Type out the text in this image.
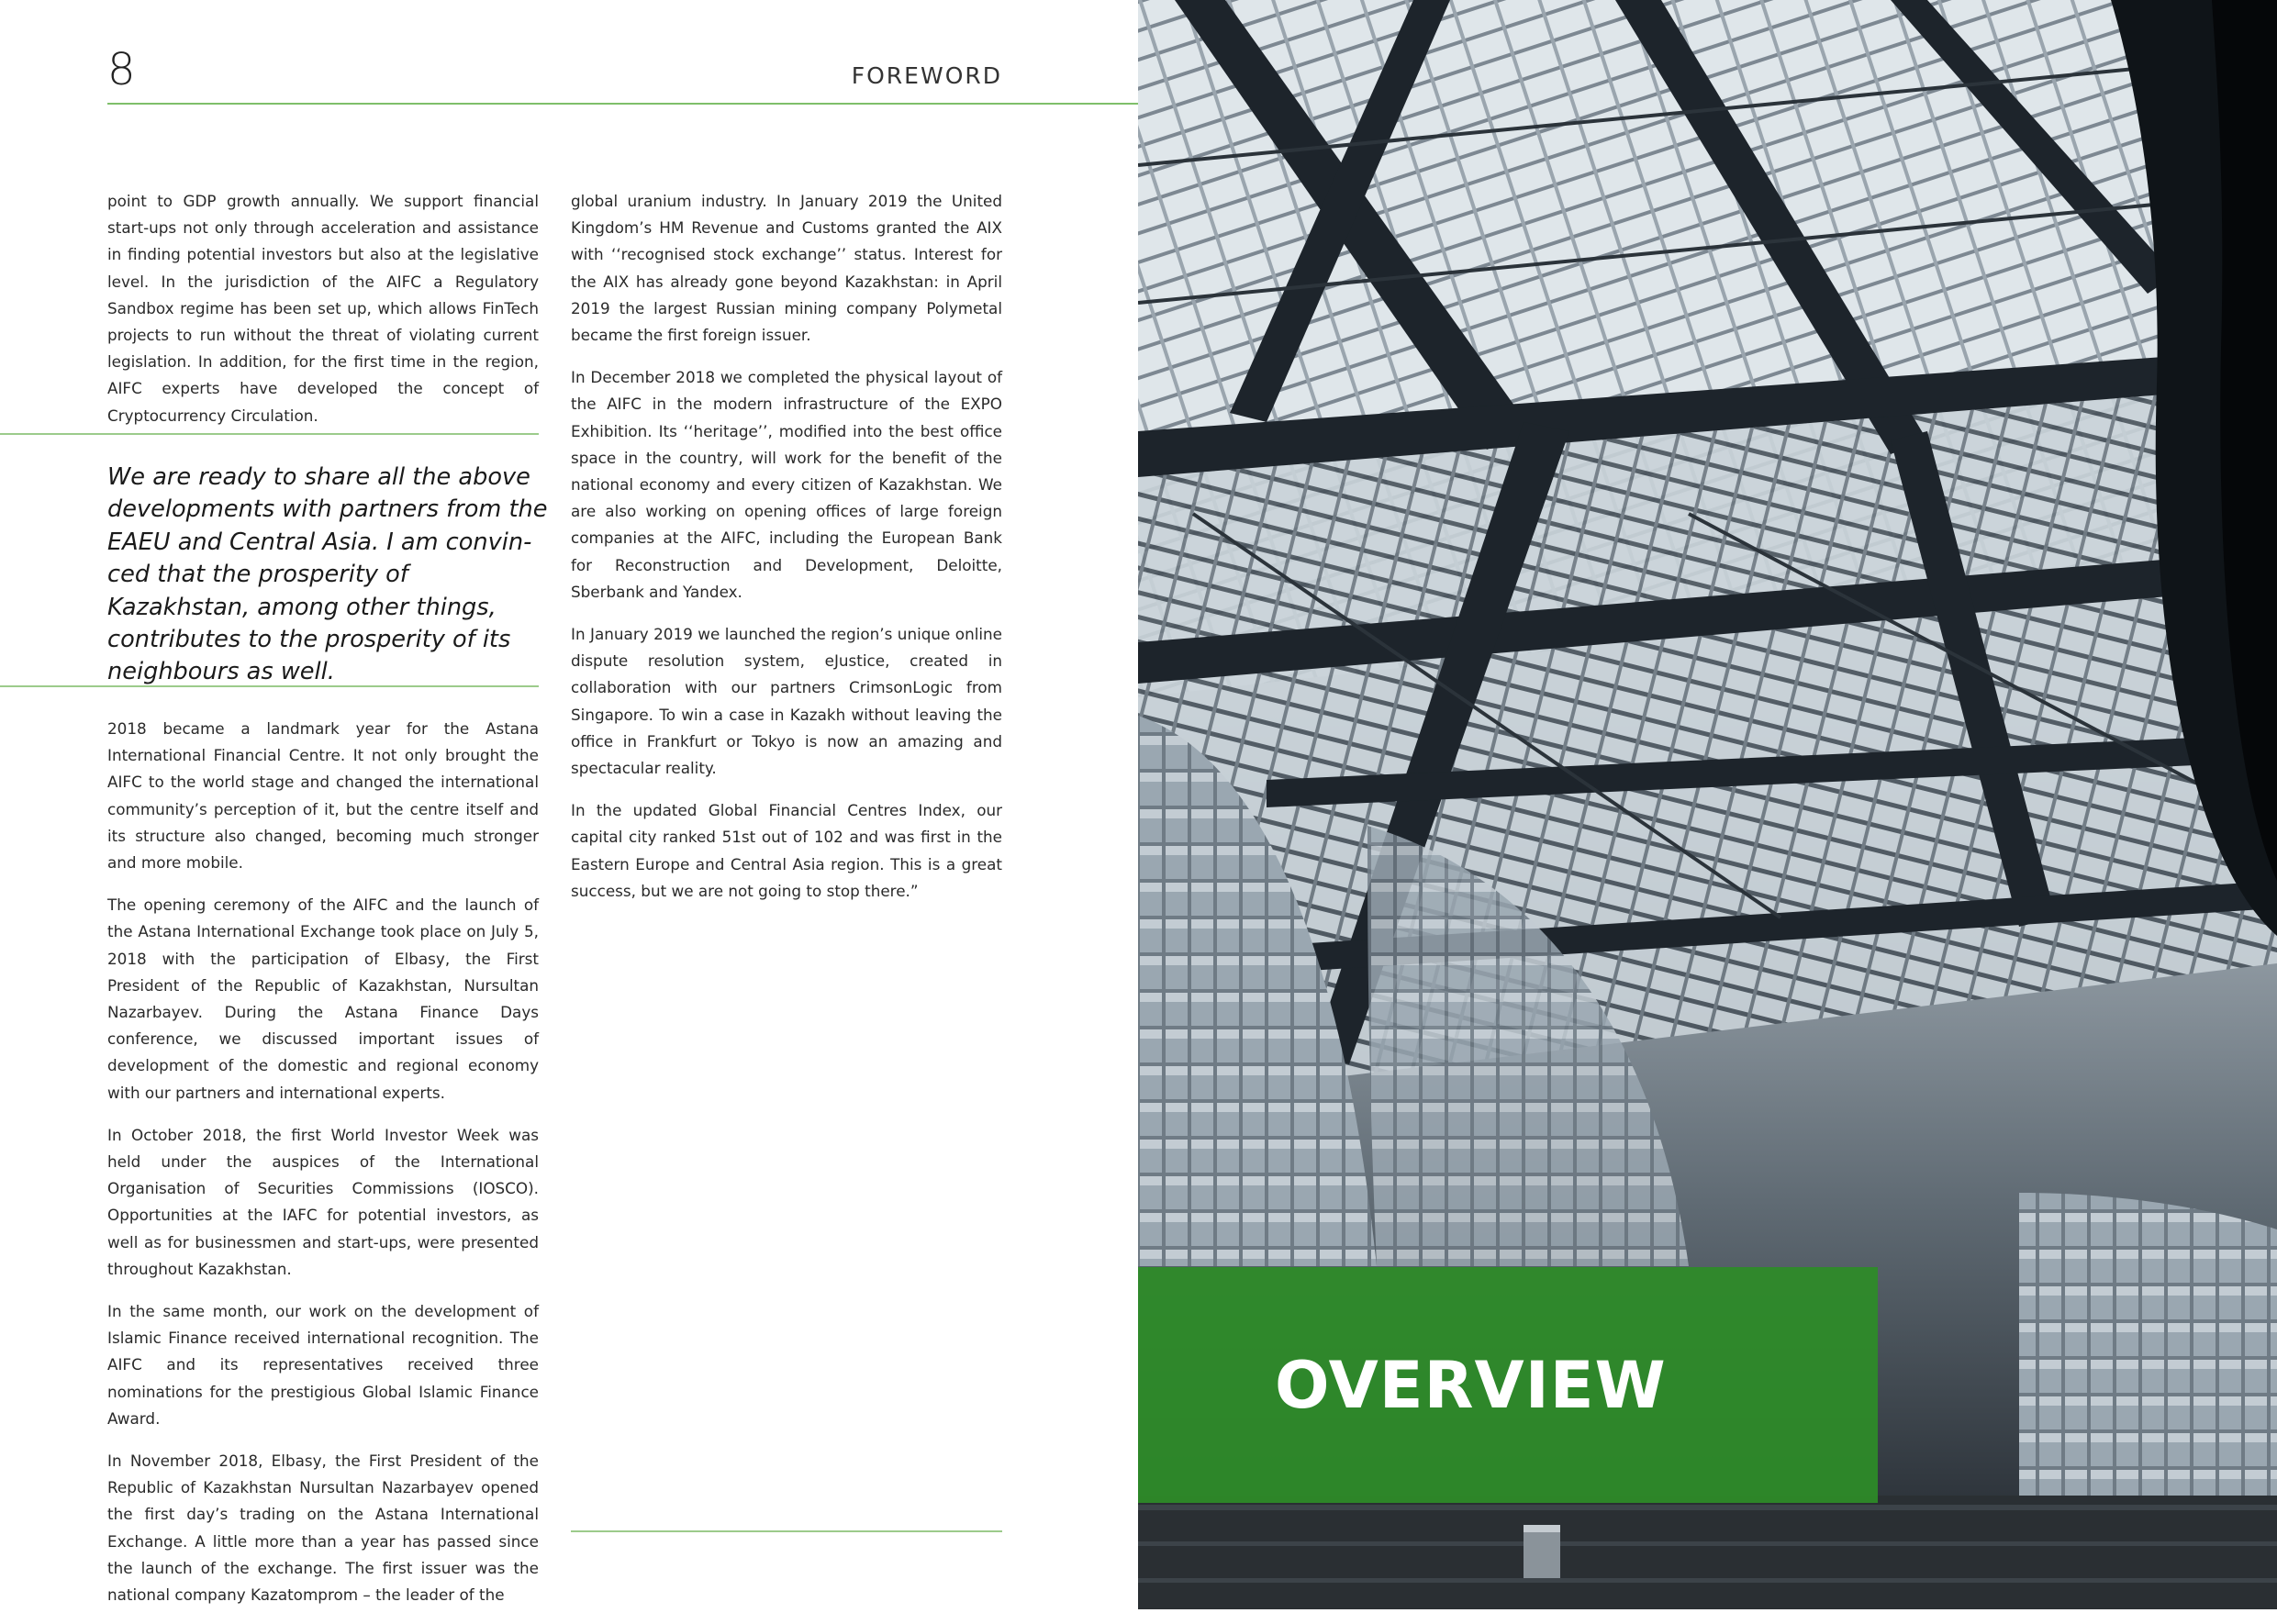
8	FOREWORD

point to GDP growth annually. We support financial start-ups not only through acceleration and assistance in finding potential investors but also at the legislative level. In the jurisdiction of the AIFC a Regulatory Sandbox regime has been set up, which allows FinTech projects to run without the threat of violating current legislation. In addition, for the first time in the region, AIFC experts have developed the concept of Cryptocurrency Circulation.

We are ready to share all the above developments with partners from the EAEU and Central Asia. I am convin-ced that the prosperity of Kazakhstan, among other things, contributes to the prosperity of its neighbours as well.

2018 became a landmark year for the Astana International Financial Centre. It not only brought the AIFC to the world stage and changed the international community’s perception of it, but the centre itself and its structure also changed, becoming much stronger and more mobile.

The opening ceremony of the AIFC and the launch of the Astana International Exchange took place on July 5, 2018 with the participation of Elbasy, the First President of the Republic of Kazakhstan, Nursultan Nazarbayev. During the Astana Finance Days conference, we discussed important issues of development of the domestic and regional economy with our partners and international experts.

In October 2018, the first World Investor Week was held under the auspices of the International Organisation of Securities Commissions (IOSCO). Opportunities at the IAFC for potential investors, as well as for businessmen and start-ups, were presented throughout Kazakhstan.

In the same month, our work on the development of Islamic Finance received international recognition. The AIFC and its representatives received three nominations for the prestigious Global Islamic Finance Award.

In November 2018, Elbasy, the First President of the Republic of Kazakhstan Nursultan Nazarbayev opened the first day’s trading on the Astana International Exchange. A little more than a year has passed since the launch of the exchange. The first issuer was the national company Kazatomprom – the leader of the

global uranium industry. In January 2019 the United Kingdom’s HM Revenue and Customs granted the AIX with ‘‘recognised stock exchange’’ status. Interest for the AIX has already gone beyond Kazakhstan: in April 2019 the largest Russian mining company Polymetal became the first foreign issuer.

In December 2018 we completed the physical layout of the AIFC in the modern infrastructure of the EXPO Exhibition. Its ‘‘heritage’’, modified into the best office space in the country, will work for the benefit of the national economy and every citizen of Kazakhstan. We are also working on opening offices of large foreign companies at the AIFC, including the European Bank for Reconstruction and Development, Deloitte, Sberbank and Yandex.

In January 2019 we launched the region’s unique online dispute resolution system, eJustice, created in collaboration with our partners CrimsonLogic from Singapore. To win a case in Kazakh without leaving the office in Frankfurt or Tokyo is now an amazing and spectacular reality.

In the updated Global Financial Centres Index, our capital city ranked 51st out of 102 and was first in the Eastern Europe and Central Asia region. This is a great success, but we are not going to stop there.”

OVERVIEW
